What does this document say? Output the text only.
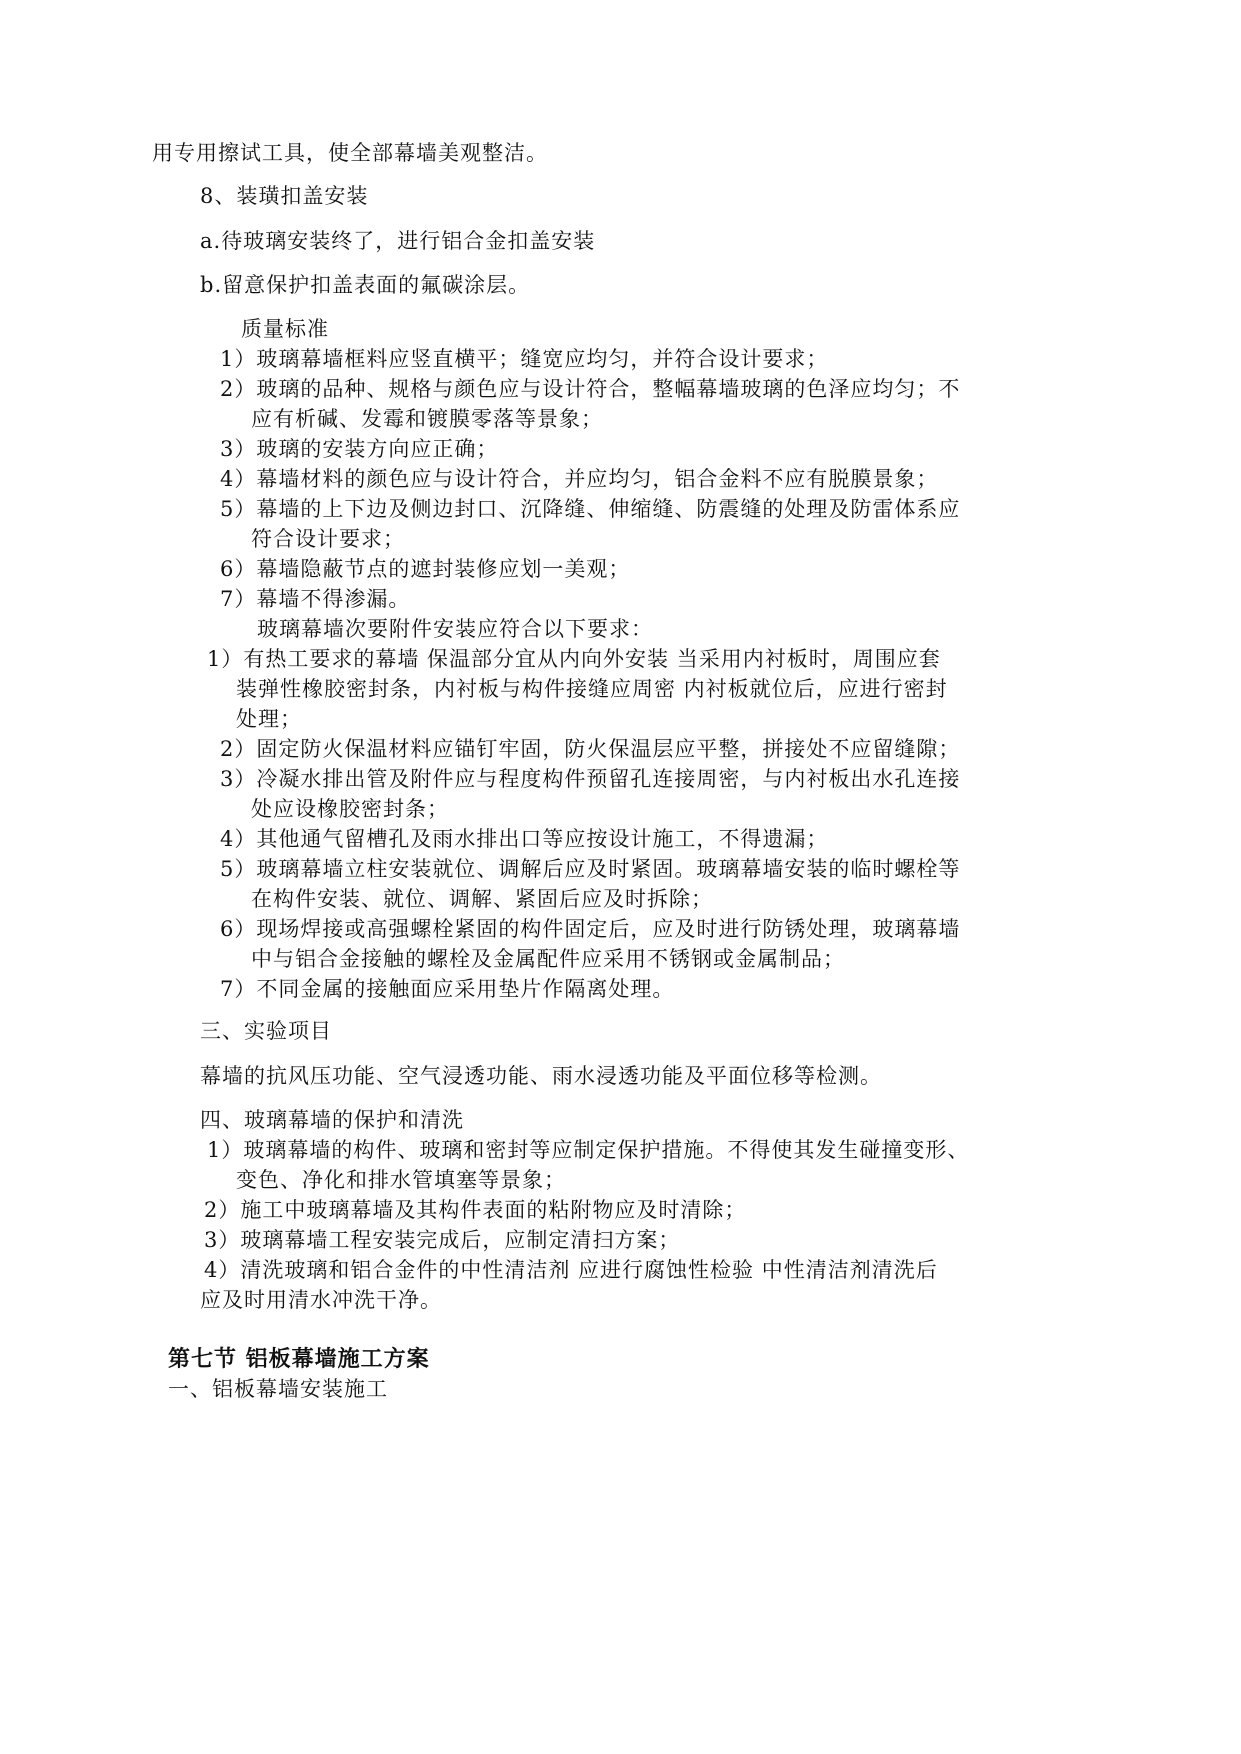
用专用擦试工具，使全部幕墙美观整洁。
8、装璜扣盖安装
a.待玻璃安装终了，进行铝合金扣盖安装
b.留意保护扣盖表面的氟碳涂层。
质量标准
1）玻璃幕墙框料应竖直横平；缝宽应均匀，并符合设计要求；
2）玻璃的品种、规格与颜色应与设计符合，整幅幕墙玻璃的色泽应均匀；不
应有析碱、发霉和镀膜零落等景象；
3）玻璃的安装方向应正确；
4）幕墙材料的颜色应与设计符合，并应均匀，铝合金料不应有脱膜景象；
5）幕墙的上下边及侧边封口、沉降缝、伸缩缝、防震缝的处理及防雷体系应
符合设计要求；
6）幕墙隐蔽节点的遮封装修应划一美观；
7）幕墙不得渗漏。
玻璃幕墙次要附件安装应符合以下要求：
1）有热工要求的幕墙 保温部分宜从内向外安装 当采用内衬板时，周围应套
装弹性橡胶密封条，内衬板与构件接缝应周密 内衬板就位后，应进行密封
处理；
2）固定防火保温材料应锚钉牢固，防火保温层应平整，拼接处不应留缝隙；
3）冷凝水排出管及附件应与程度构件预留孔连接周密，与内衬板出水孔连接
处应设橡胶密封条；
4）其他通气留槽孔及雨水排出口等应按设计施工，不得遗漏；
5）玻璃幕墙立柱安装就位、调解后应及时紧固。玻璃幕墙安装的临时螺栓等
在构件安装、就位、调解、紧固后应及时拆除；
6）现场焊接或高强螺栓紧固的构件固定后，应及时进行防锈处理，玻璃幕墙
中与铝合金接触的螺栓及金属配件应采用不锈钢或金属制品；
7）不同金属的接触面应采用垫片作隔离处理。
三、实验项目
幕墙的抗风压功能、空气浸透功能、雨水浸透功能及平面位移等检测。
四、玻璃幕墙的保护和清洗
1）玻璃幕墙的构件、玻璃和密封等应制定保护措施。不得使其发生碰撞变形、
变色、净化和排水管填塞等景象；
2）施工中玻璃幕墙及其构件表面的粘附物应及时清除；
3）玻璃幕墙工程安装完成后，应制定清扫方案；
4）清洗玻璃和铝合金件的中性清洁剂 应进行腐蚀性检验 中性清洁剂清洗后
应及时用清水冲洗干净。
第七节 铝板幕墙施工方案
一、铝板幕墙安装施工
